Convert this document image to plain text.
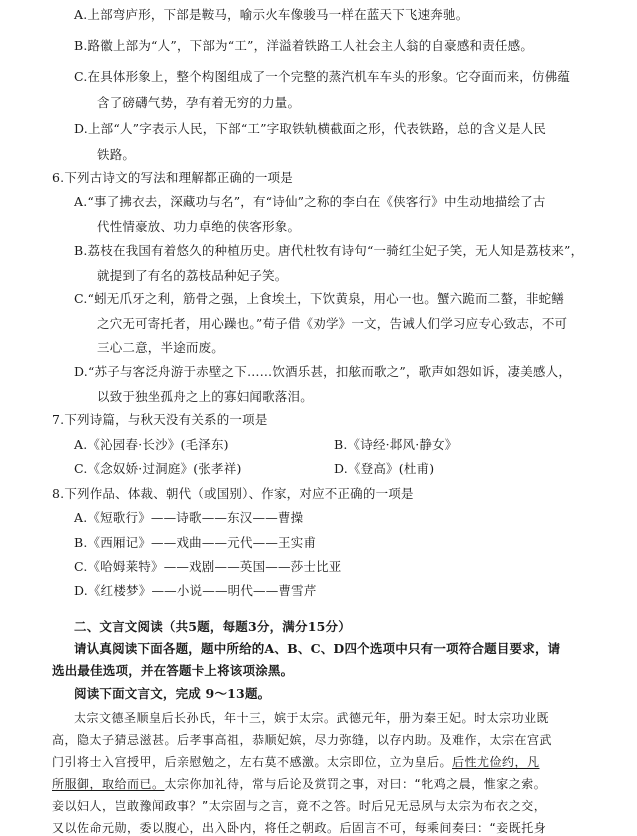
A.上部弯庐形，下部是鞍马，喻示火车像骏马一样在蓝天下飞速奔驰。
B.路徽上部为“人”，下部为“工”，洋溢着铁路工人社会主人翁的自豪感和责任感。
C.在具体形象上，整个构图组成了一个完整的蒸汽机车车头的形象。它夺面而来，仿佛蕴
含了磅礴气势，孕有着无穷的力量。
D.上部“人”字表示人民，下部“工”字取铁轨横截面之形，代表铁路，总的含义是人民
铁路。
6.下列古诗文的写法和理解都正确的一项是
A.“事了拂衣去，深藏功与名”，有“诗仙”之称的李白在《侠客行》中生动地描绘了古
代性情豪放、功力卓绝的侠客形象。
B.荔枝在我国有着悠久的种植历史。唐代杜牧有诗句“一骑红尘妃子笑，无人知是荔枝来”，
就提到了有名的荔枝品种妃子笑。
C.“蚓无爪牙之利，筋骨之强，上食埃土，下饮黄泉，用心一也。蟹六跪而二螯，非蛇鳝
之穴无可寄托者，用心躁也。”荀子借《劝学》一文，告诫人们学习应专心致志，不可
三心二意，半途而废。
D.“苏子与客泛舟游于赤壁之下……饮酒乐甚，扣舷而歌之”，歌声如怨如诉，凄美感人，
以致于独坐孤舟之上的寡妇闻歌落泪。
7.下列诗篇，与秋天没有关系的一项是
A.《沁园春·长沙》(毛泽东)	B.《诗经·邶风·静女》
C.《念奴娇·过洞庭》(张孝祥)	D.《登高》(杜甫)
8.下列作品、体裁、朝代（或国别）、作家，对应不正确的一项是
A.《短歌行》——诗歌——东汉——曹操
B.《西厢记》——戏曲——元代——王实甫
C.《哈姆莱特》——戏剧——英国——莎士比亚
D.《红楼梦》——小说——明代——曹雪芹
二、文言文阅读（共5题，每题3分，满分15分）
请认真阅读下面各题，题中所给的A、B、C、D四个选项中只有一项符合题目要求，请
选出最佳选项，并在答题卡上将该项涂黑。
阅读下面文言文，完成 9～13题。
太宗文德圣顺皇后长孙氏，年十三，嫔于太宗。武德元年，册为秦王妃。时太宗功业既
高，隐太子猜忌滋甚。后孝事高祖，恭顺妃嫔，尽力弥缝，以存内助。及难作，太宗在宫武
门引将士入宫授甲，后亲慰勉之，左右莫不感激。太宗即位，立为皇后。后性尤俭约，凡
所服御，取给而已。太宗你加礼待，常与后论及赏罚之事，对曰：“牝鸡之晨，惟家之索。
妾以妇人，岂敢豫闻政事？”太宗固与之言，竟不之答。时后兄无忌夙与太宗为布衣之交，
又以佐命元勋，委以腹心，出入卧内，将任之朝政。后固言不可，每乘间奏曰：“妾既托身
